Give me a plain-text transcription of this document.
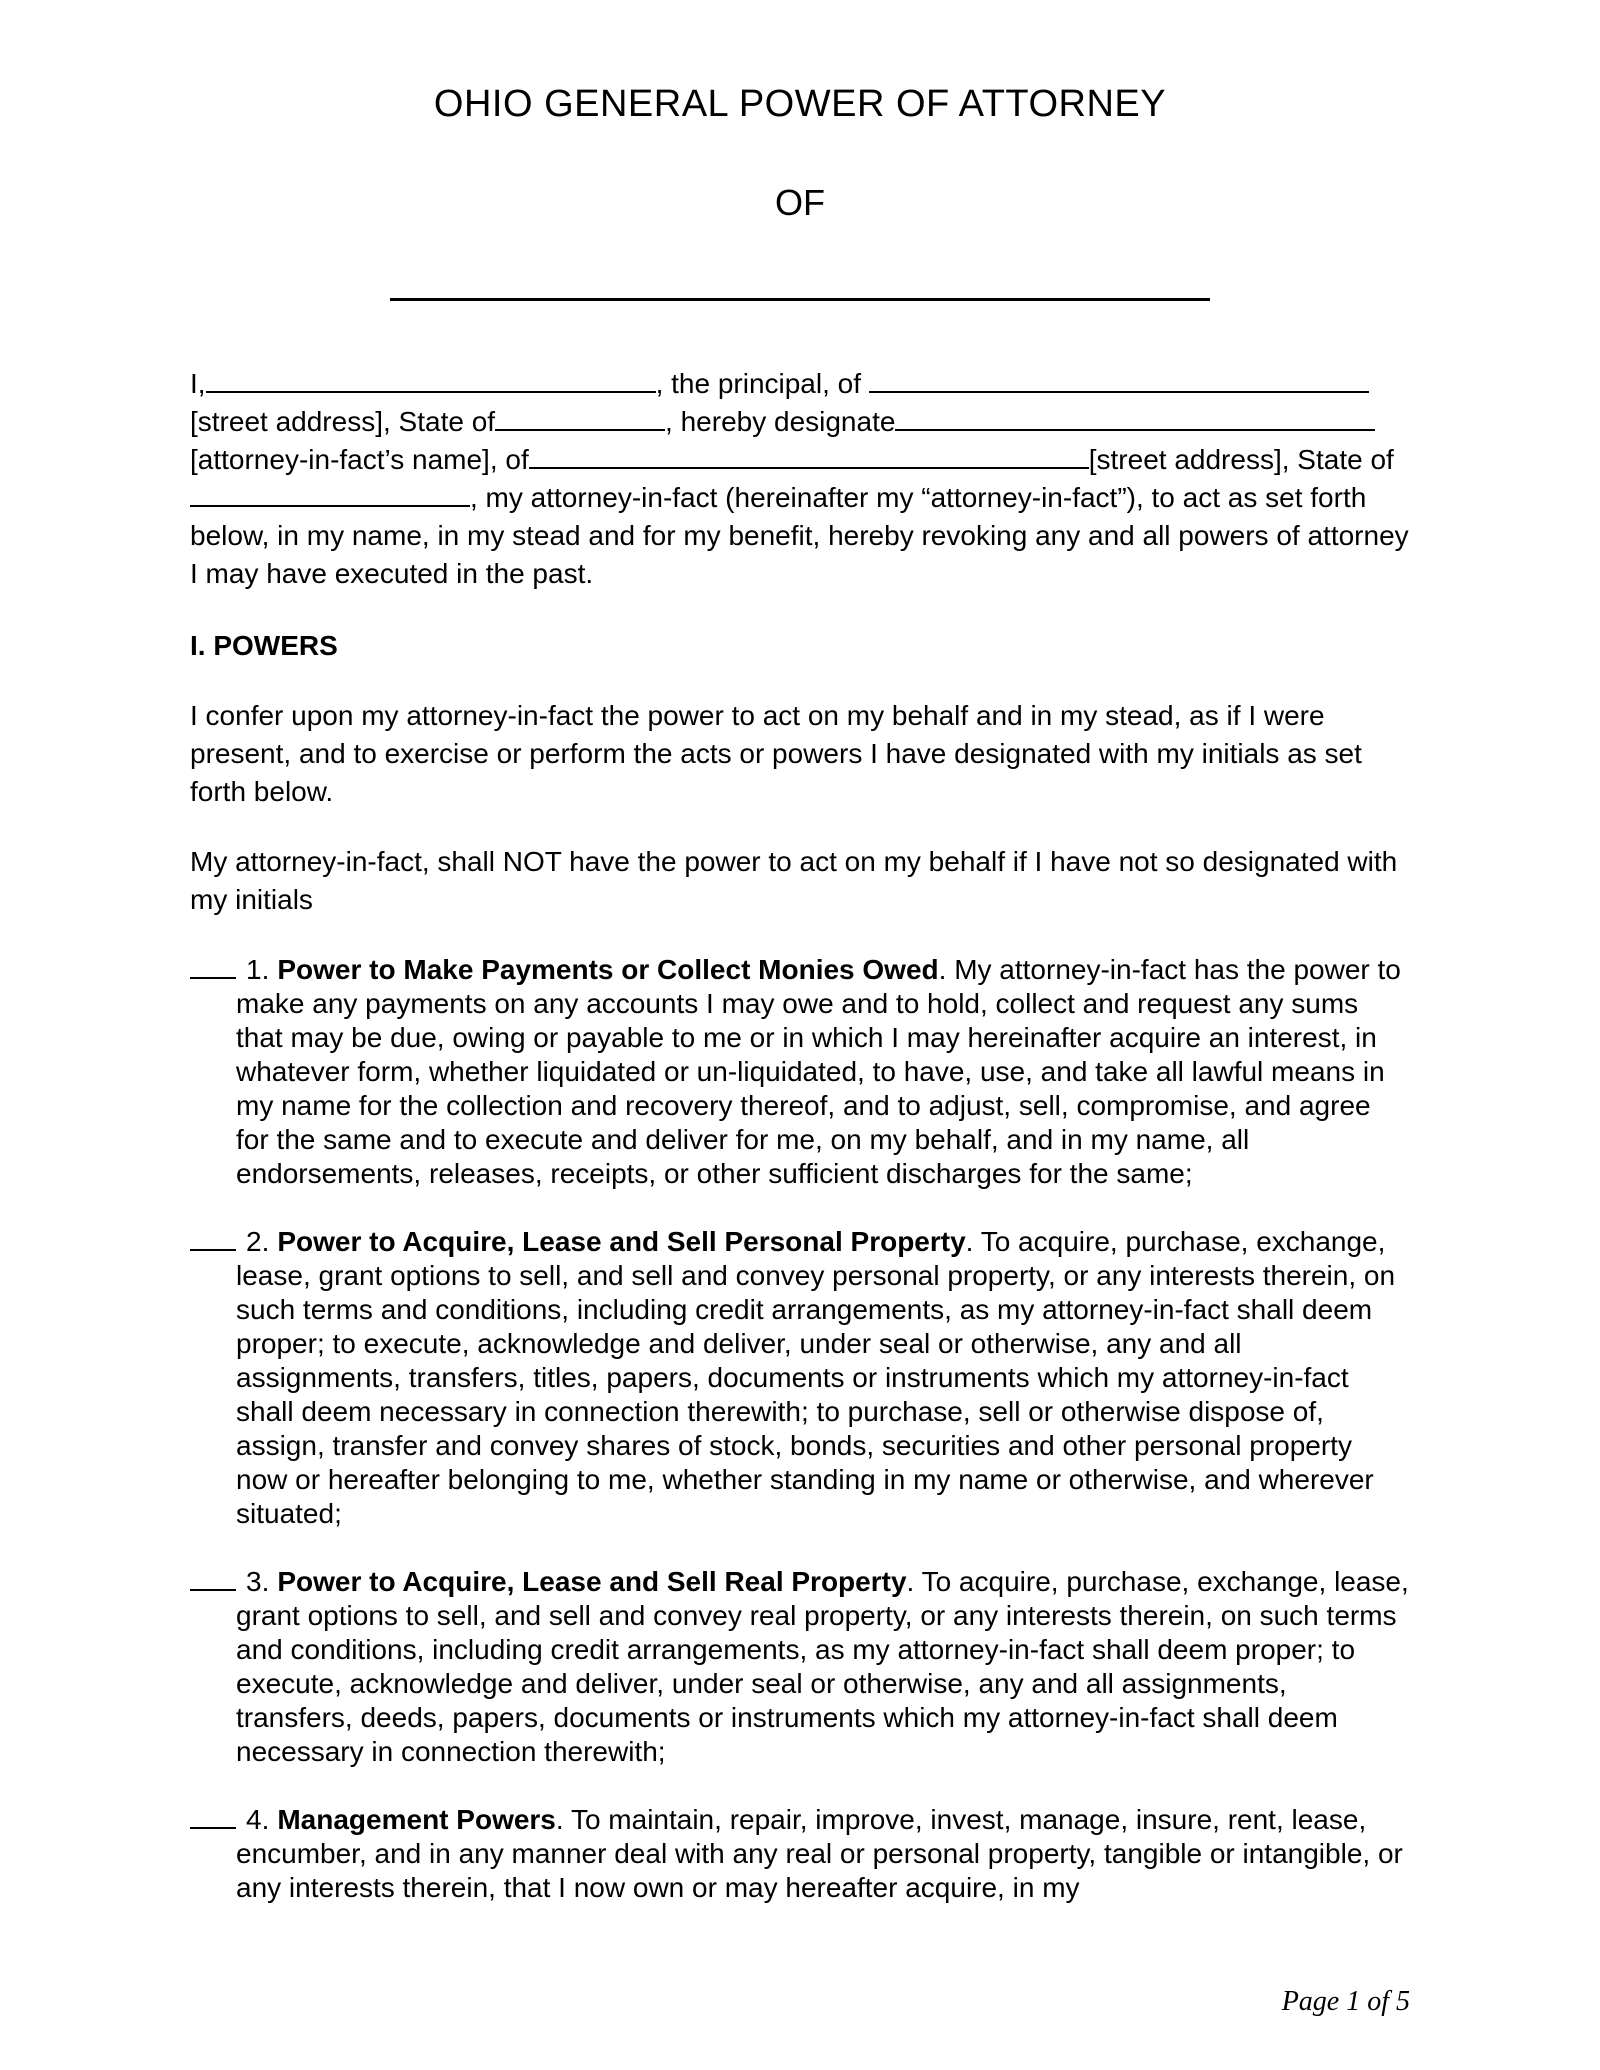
OHIO GENERAL POWER OF ATTORNEY
OF

I,	, the principal, of  [street address], State of	, hereby designate [attorney-in-fact’s name], of	[street address], State of, my attorney-in-fact (hereinafter my “attorney-in-fact”), to act as set forth below, in my name, in my stead and for my benefit, hereby revoking any and all powers of attorney I may have executed in the past.

I. POWERS

I confer upon my attorney-in-fact the power to act on my behalf and in my stead, as if I were present, and to exercise or perform the acts or powers I have designated with my initials as set forth below.

My attorney-in-fact, shall NOT have the power to act on my behalf if I have not so designated with my initials

1. Power to Make Payments or Collect Monies Owed. My attorney-in-fact has the power to make any payments on any accounts I may owe and to hold, collect and request any sums that may be due, owing or payable to me or in which I may hereinafter acquire an interest, in whatever form, whether liquidated or un-liquidated, to have, use, and take all lawful means in my name for the collection and recovery thereof, and to adjust, sell, compromise, and agree for the same and to execute and deliver for me, on my behalf, and in my name, all endorsements, releases, receipts, or other sufficient discharges for the same;
2. Power to Acquire, Lease and Sell Personal Property. To acquire, purchase, exchange, lease, grant options to sell, and sell and convey personal property, or any interests therein, on such terms and conditions, including credit arrangements, as my attorney-in-fact shall deem proper; to execute, acknowledge and deliver, under seal or otherwise, any and all assignments, transfers, titles, papers, documents or instruments which my attorney-in-fact shall deem necessary in connection therewith; to purchase, sell or otherwise dispose of, assign, transfer and convey shares of stock, bonds, securities and other personal property now or hereafter belonging to me, whether standing in my name or otherwise, and wherever situated;
3. Power to Acquire, Lease and Sell Real Property. To acquire, purchase, exchange, lease, grant options to sell, and sell and convey real property, or any interests therein, on such terms and conditions, including credit arrangements, as my attorney-in-fact shall deem proper; to execute, acknowledge and deliver, under seal or otherwise, any and all assignments, transfers, deeds, papers, documents or instruments which my attorney-in-fact shall deem necessary in connection therewith;
4. Management Powers. To maintain, repair, improve, invest, manage, insure, rent, lease, encumber, and in any manner deal with any real or personal property, tangible or intangible, or any interests therein, that I now own or may hereafter acquire, in my
Page 1 of 5
